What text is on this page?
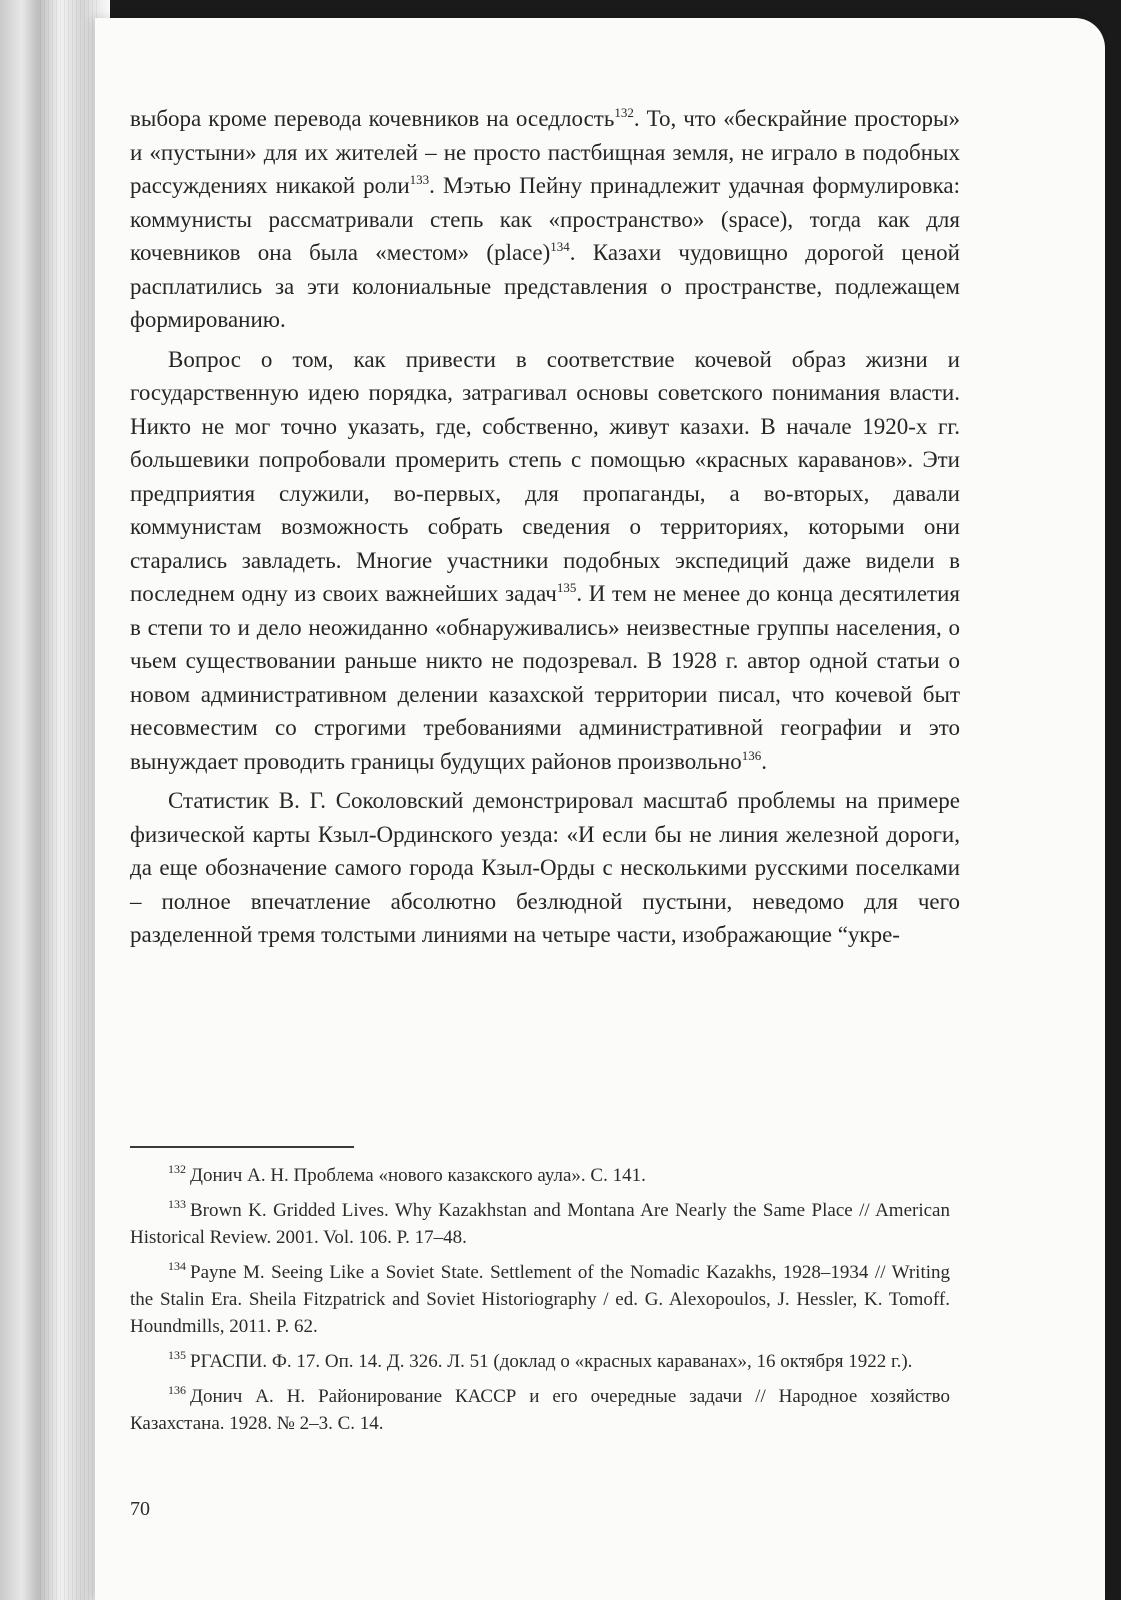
выбора кроме перевода кочевников на оседлость$^{132}$. То, что «бескрайние просторы» и «пустыни» для их жителей – не просто пастбищная земля, не играло в подобных рассуждениях никакой роли$^{133}$. Мэтью Пейну принадлежит удачная формулировка: коммунисты рассматривали степь как «пространство» (space), тогда как для кочевников она была «местом» (place)$^{134}$. Казахи чудовищно дорогой ценой расплатились за эти колониальные представления о пространстве, подлежащем формированию.

Вопрос о том, как привести в соответствие кочевой образ жизни и государственную идею порядка, затрагивал основы советского понимания власти. Никто не мог точно указать, где, собственно, живут казахи. В начале 1920-х гг. большевики попробовали промерить степь с помощью «красных караванов». Эти предприятия служили, во-первых, для пропаганды, а во-вторых, давали коммунистам возможность собрать сведения о территориях, которыми они старались завладеть. Многие участники подобных экспедиций даже видели в последнем одну из своих важнейших задач$^{135}$. И тем не менее до конца десятилетия в степи то и дело неожиданно «обнаруживались» неизвестные группы населения, о чьем существовании раньше никто не подозревал. В 1928 г. автор одной статьи о новом административном делении казахской территории писал, что кочевой быт несовместим со строгими требованиями административной географии и это вынуждает проводить границы будущих районов произвольно$^{136}$.

Статистик В. Г. Соколовский демонстрировал масштаб проблемы на примере физической карты Кзыл-Ординского уезда: «И если бы не линия железной дороги, да еще обозначение самого города Кзыл-Орды с несколькими русскими поселками – полное впечатление абсолютно безлюдной пустыни, неведомо для чего разделенной тремя толстыми линиями на четыре части, изображающие “укре-

$^{132}$ Донич А. Н. Проблема «нового казакского аула». С. 141.

$^{133}$ Brown K. Gridded Lives. Why Kazakhstan and Montana Are Nearly the Same Place // American Historical Review. 2001. Vol. 106. P. 17–48.

$^{134}$ Payne M. Seeing Like a Soviet State. Settlement of the Nomadic Kazakhs, 1928–1934 // Writing the Stalin Era. Sheila Fitzpatrick and Soviet Historiography / ed. G. Alexopoulos, J. Hessler, K. Tomoff. Houndmills, 2011. P. 62.

$^{135}$ РГАСПИ. Ф. 17. Оп. 14. Д. 326. Л. 51 (доклад о «красных караванах», 16 октября 1922 г.).

$^{136}$ Донич А. Н. Районирование КАССР и его очередные задачи // Народное хозяйство Казахстана. 1928. № 2–3. С. 14.

70
